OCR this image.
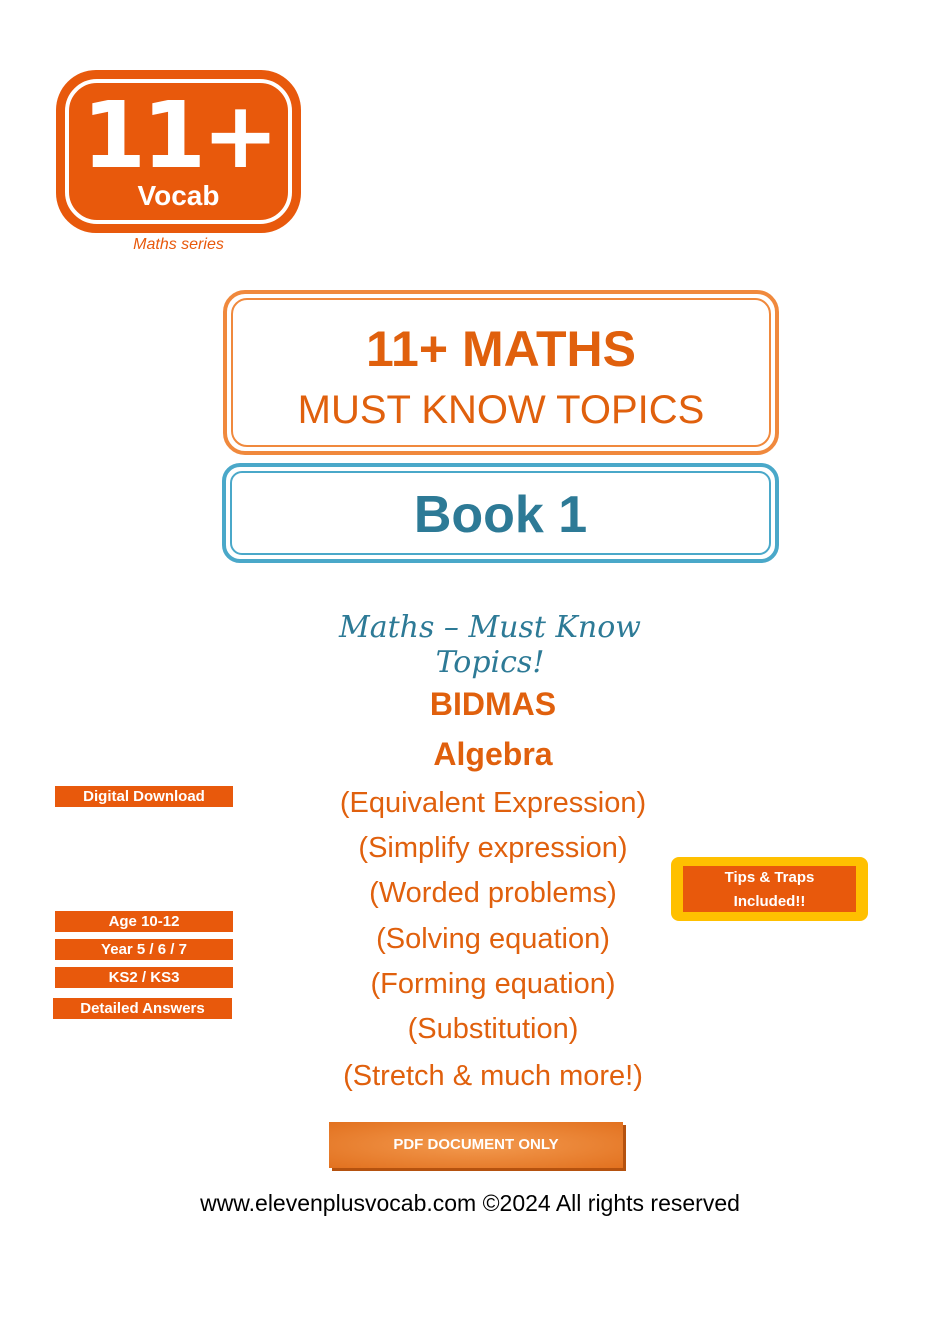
11+
Vocab
Maths series
11+ MATHS
MUST KNOW TOPICS
Book 1
Maths – Must Know Topics!
BIDMAS
Algebra
(Equivalent Expression)
(Simplify expression)
(Worded problems)
(Solving equation)
(Forming equation)
(Substitution)
(Stretch & much more!)
Digital Download
Age 10-12
Year 5 / 6 / 7
KS2 / KS3
Detailed Answers
Tips & Traps
Included!!
PDF DOCUMENT ONLY
www.elevenplusvocab.com ©2024 All rights reserved
